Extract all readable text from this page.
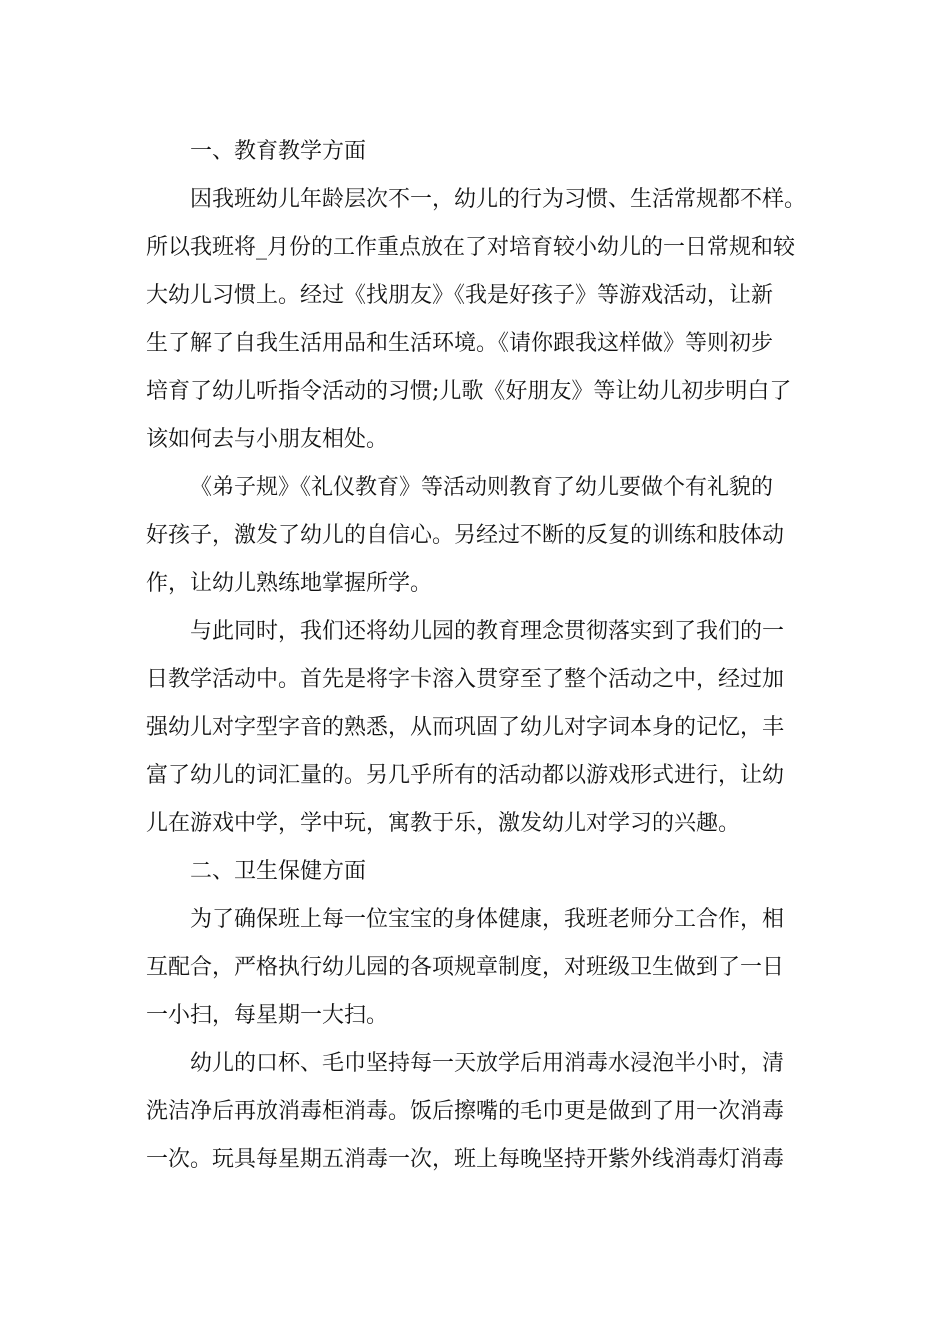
一、教育教学方面
因我班幼儿年龄层次不一，幼儿的行为习惯、生活常规都不样。
所以我班将_月份的工作重点放在了对培育较小幼儿的一日常规和较
大幼儿习惯上。经过《找朋友》《我是好孩子》等游戏活动，让新
生了解了自我生活用品和生活环境。《请你跟我这样做》等则初步
培育了幼儿听指令活动的习惯;儿歌《好朋友》等让幼儿初步明白了
该如何去与小朋友相处。
《弟子规》《礼仪教育》等活动则教育了幼儿要做个有礼貌的
好孩子，激发了幼儿的自信心。另经过不断的反复的训练和肢体动
作，让幼儿熟练地掌握所学。
与此同时，我们还将幼儿园的教育理念贯彻落实到了我们的一
日教学活动中。首先是将字卡溶入贯穿至了整个活动之中，经过加
强幼儿对字型字音的熟悉，从而巩固了幼儿对字词本身的记忆，丰
富了幼儿的词汇量的。另几乎所有的活动都以游戏形式进行，让幼
儿在游戏中学，学中玩，寓教于乐，激发幼儿对学习的兴趣。
二、卫生保健方面
为了确保班上每一位宝宝的身体健康，我班老师分工合作，相
互配合，严格执行幼儿园的各项规章制度，对班级卫生做到了一日
一小扫，每星期一大扫。
幼儿的口杯、毛巾坚持每一天放学后用消毒水浸泡半小时，清
洗洁净后再放消毒柜消毒。饭后擦嘴的毛巾更是做到了用一次消毒
一次。玩具每星期五消毒一次，班上每晚坚持开紫外线消毒灯消毒
